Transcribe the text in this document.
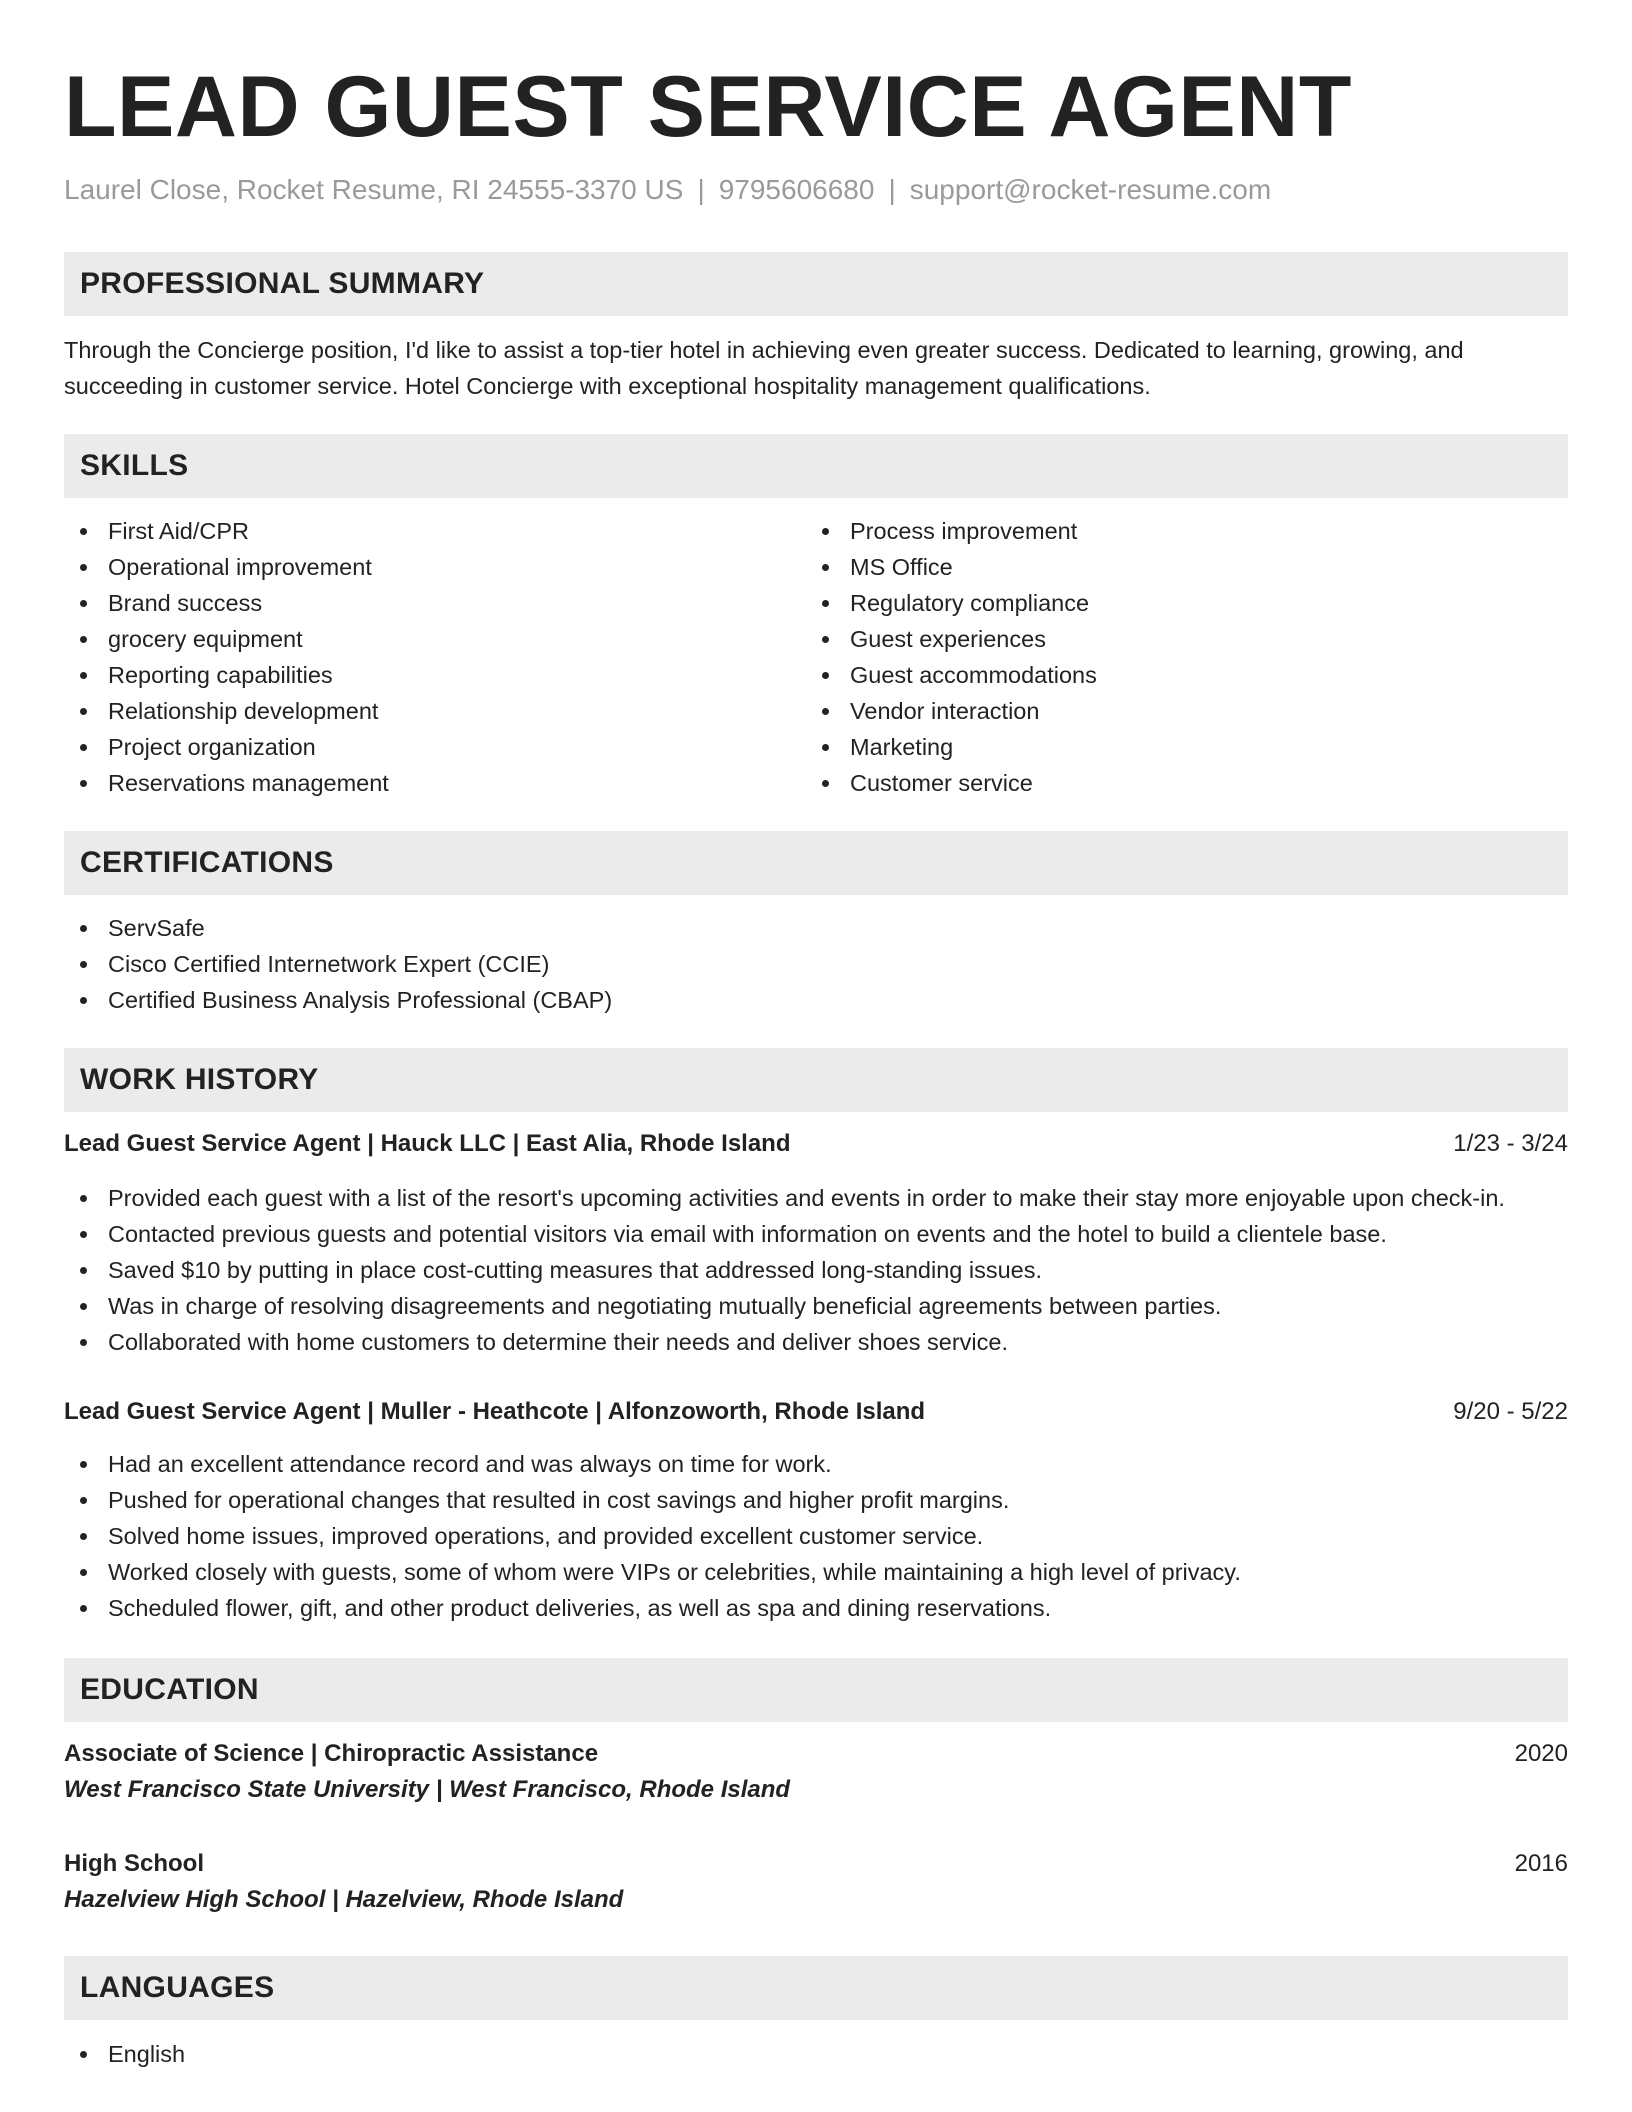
LEAD GUEST SERVICE AGENT
Laurel Close, Rocket Resume, RI 24555-3370 US | 9795606680 | support@rocket-resume.com
PROFESSIONAL SUMMARY

Through the Concierge position, I'd like to assist a top-tier hotel in achieving even greater success. Dedicated to learning, growing, and succeeding in customer service. Hotel Concierge with exceptional hospitality management qualifications.

SKILLS
First Aid/CPR
Operational improvement
Brand success
grocery equipment
Reporting capabilities
Relationship development
Project organization
Reservations management
Process improvement
MS Office
Regulatory compliance
Guest experiences
Guest accommodations
Vendor interaction
Marketing
Customer service
CERTIFICATIONS
ServSafe
Cisco Certified Internetwork Expert (CCIE)
Certified Business Analysis Professional (CBAP)
WORK HISTORY
Lead Guest Service Agent | Hauck LLC | East Alia, Rhode Island	1/23 - 3/24
Provided each guest with a list of the resort's upcoming activities and events in order to make their stay more enjoyable upon check-in.
Contacted previous guests and potential visitors via email with information on events and the hotel to build a clientele base.
Saved $10 by putting in place cost-cutting measures that addressed long-standing issues.
Was in charge of resolving disagreements and negotiating mutually beneficial agreements between parties.
Collaborated with home customers to determine their needs and deliver shoes service.
Lead Guest Service Agent | Muller - Heathcote | Alfonzoworth, Rhode Island	9/20 - 5/22
Had an excellent attendance record and was always on time for work.
Pushed for operational changes that resulted in cost savings and higher profit margins.
Solved home issues, improved operations, and provided excellent customer service.
Worked closely with guests, some of whom were VIPs or celebrities, while maintaining a high level of privacy.
Scheduled flower, gift, and other product deliveries, as well as spa and dining reservations.
EDUCATION
Associate of Science | Chiropractic Assistance	2020
West Francisco State University | West Francisco, Rhode Island
High School	2016
Hazelview High School | Hazelview, Rhode Island
LANGUAGES
English
